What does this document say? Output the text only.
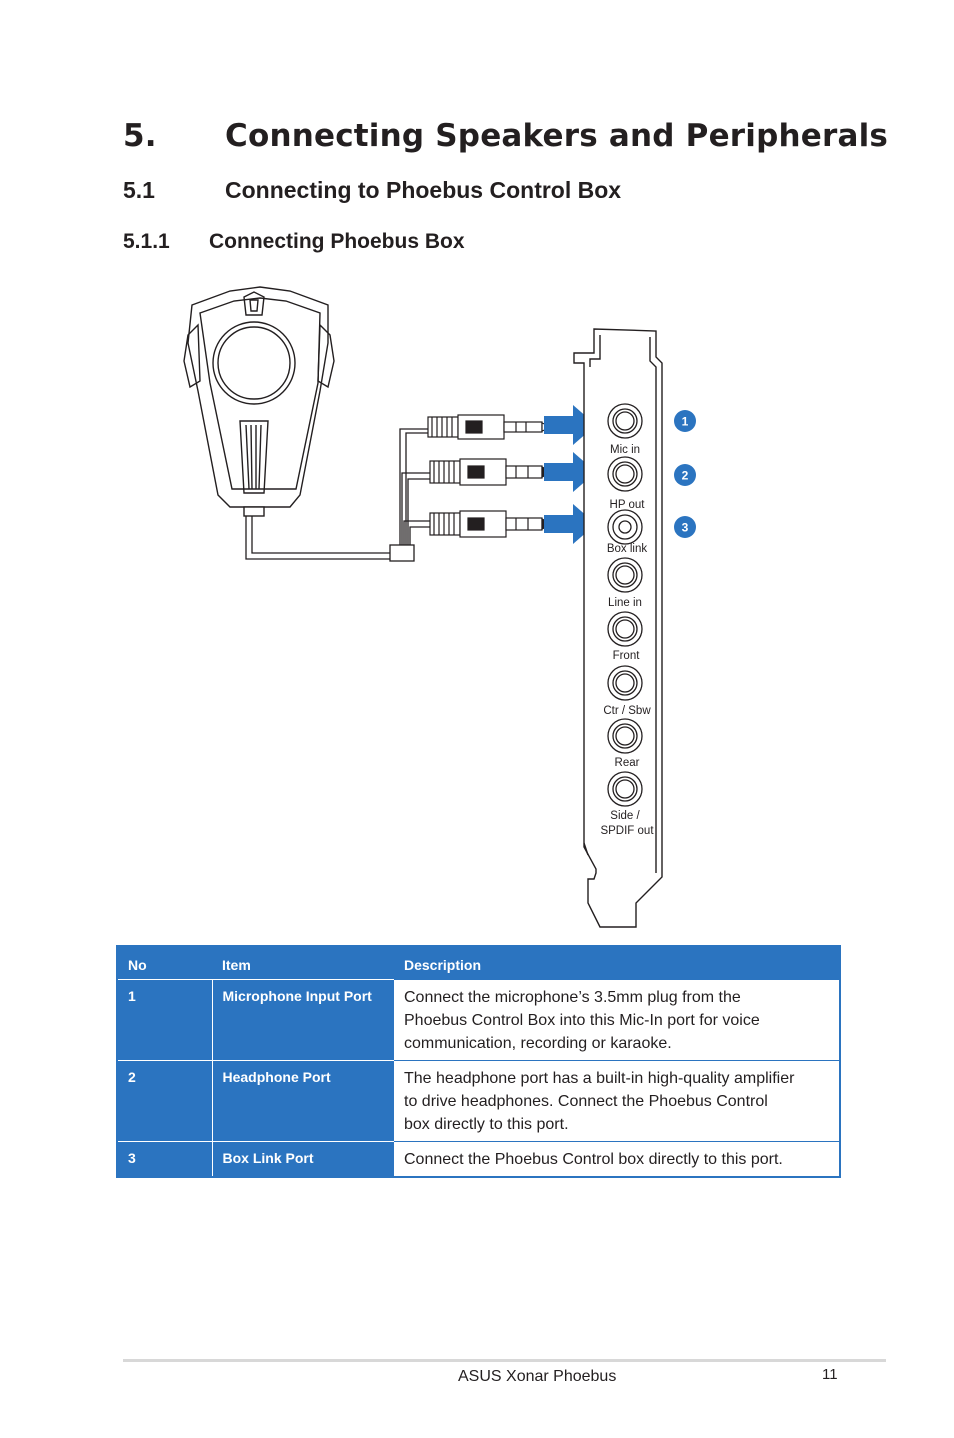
5. Connecting Speakers and Peripherals
5.1	Connecting to Phoebus Control Box
5.1.1 Connecting Phoebus Box
Mic in
HP out
Box link
Line in
Front
Ctr / Sbw
Rear
Side /
SPDIF out
1
2
3
No	Item	Description
1	Microphone Input Port	Connect the microphone’s 3.5mm plug from the
Phoebus Control Box into this Mic-In port for voice
communication, recording or karaoke.

2	Headphone Port	The headphone port has a built-in high-quality amplifier
to drive headphones. Connect the Phoebus Control
box directly to this port.

3	Box Link Port	Connect the Phoebus Control box directly to this port.
ASUS Xonar Phoebus	11
